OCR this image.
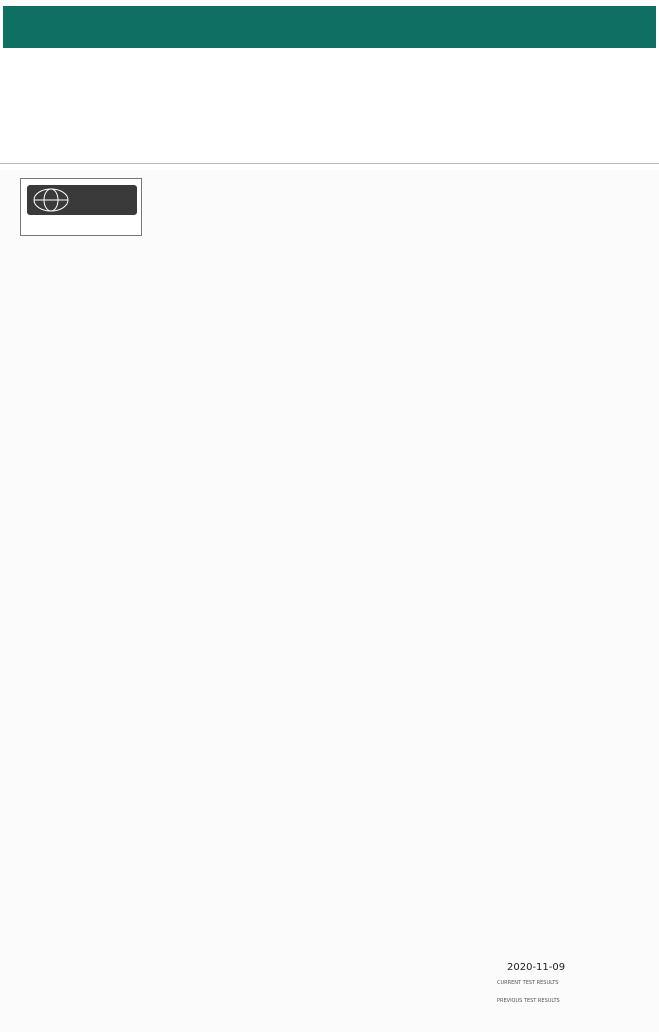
2020-11-09
CURRENT TEST RESULTS
PREVIOUS TEST RESULTS
